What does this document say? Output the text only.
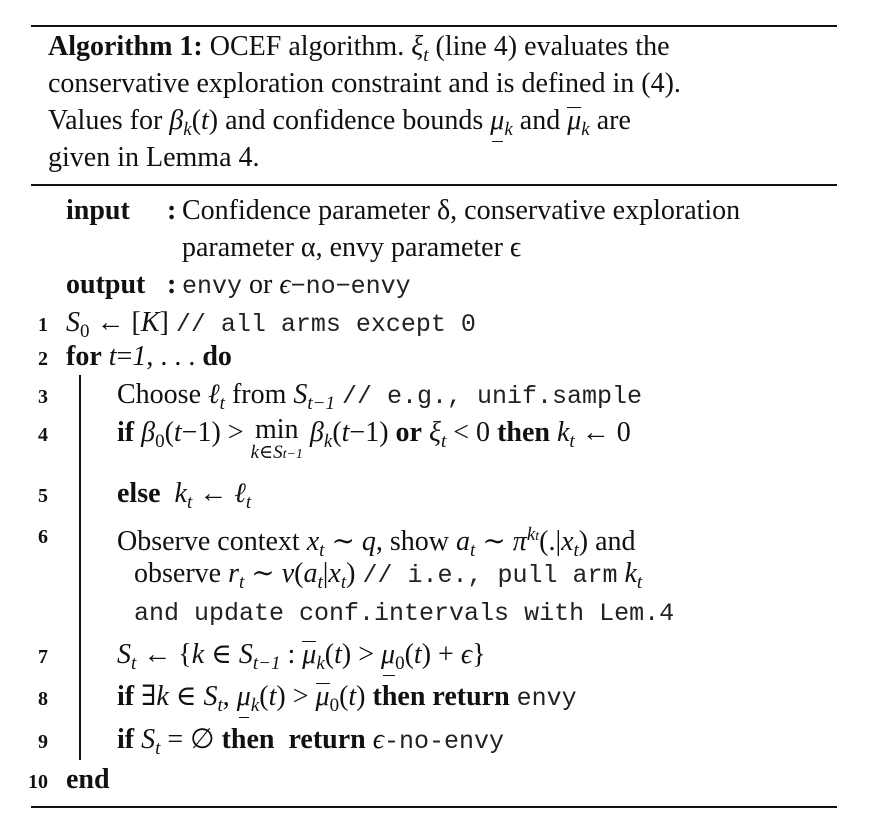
Algorithm 1: OCEF algorithm. $\xi_t$ (line 4) evaluates the
conservative exploration constraint and is defined in (4).
Values for $\beta_k(t)$ and confidence bounds $\mu_k$ and $\mu_k$ are
given in Lemma 4.
input : Confidence parameter δ, conservative exploration
parameter α, envy parameter ϵ
output : envy or ϵ−no−envy
1
2
3
4
5
6
7
8
9
10
$S_0$ ← [K] // all arms except 0
for t=1, . . . do
Choose ℓ$_t$ from $S_{t-1} // e.g$., unif.sample
if $\beta_0(t-1) > \min$
k∈St−1
$\beta_k(t-1)$ or $\xi_t < 0$ then $k_t$ ← 0
else $k_t$ ← ℓ$_t$
Observe context $x_t$ ∼ q, show $a_t$ ∼ $\pi^{kt}(.|x_t)$ and
observe $r_t$ ∼ $\nu(a_t|x_t) // i.e$., pull arm $k_t$
and update conf.intervals with Lem.4
$S_t$ ← {k ∈ $S_{t-1}$ : $\mu_k(t) > \mu_0(t) + \epsilon$}
if ∃k ∈ $S_t$, $\mu_k(t) > \mu_0(t)$ then return envy
if $S_t$ = ∅ then return ϵ-no-envy
end
